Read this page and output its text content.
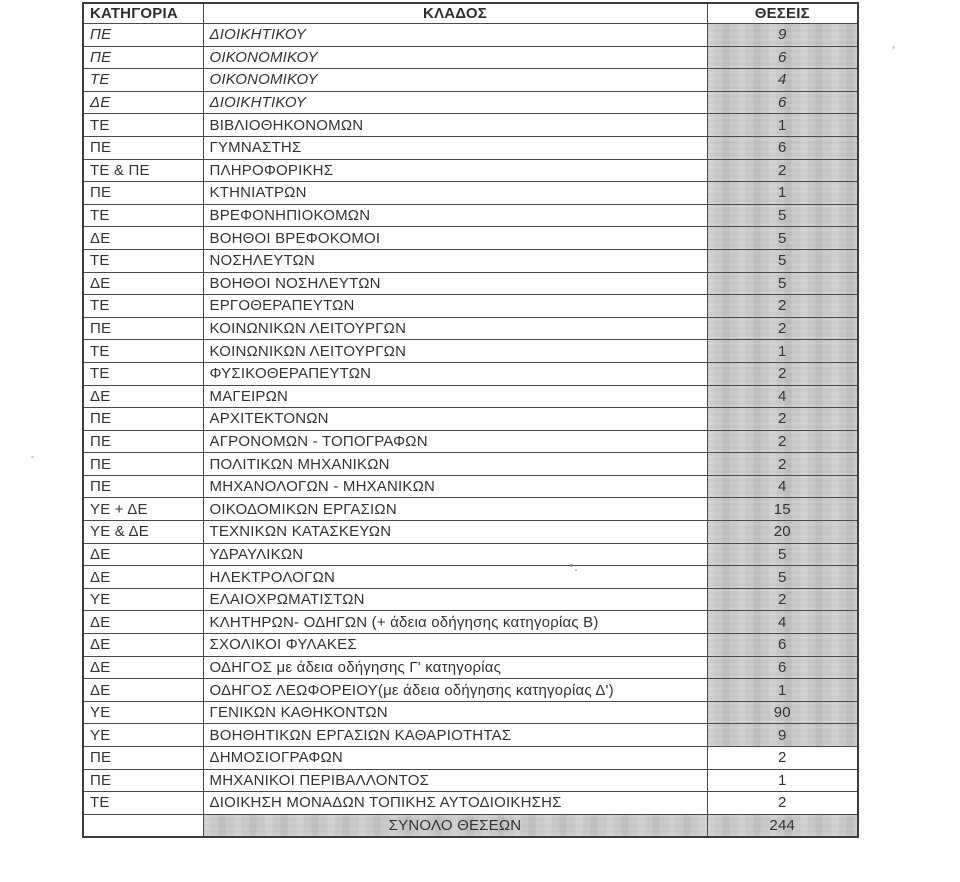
ΚΑΤΗΓΟΡΙΑ	ΚΛΑΔΟΣ	ΘΕΣΕΙΣ
ΠΕ	ΔΙΟΙΚΗΤΙΚΟΥ	9
ΠΕ	ΟΙΚΟΝΟΜΙΚΟΥ	6
ΤΕ	ΟΙΚΟΝΟΜΙΚΟΥ	4
ΔΕ	ΔΙΟΙΚΗΤΙΚΟΥ	6
ΤΕ	ΒΙΒΛΙΟΘΗΚΟΝΟΜΩΝ	1
ΠΕ	ΓΥΜΝΑΣΤΗΣ	6
ΤΕ & ΠΕ	ΠΛΗΡΟΦΟΡΙΚΗΣ	2
ΠΕ	ΚΤΗΝΙΑΤΡΩΝ	1
ΤΕ	ΒΡΕΦΟΝΗΠΙΟΚΟΜΩΝ	5
ΔΕ	ΒΟΗΘΟΙ ΒΡΕΦΟΚΟΜΟΙ	5
ΤΕ	ΝΟΣΗΛΕΥΤΩΝ	5
ΔΕ	ΒΟΗΘΟΙ ΝΟΣΗΛΕΥΤΩΝ	5
ΤΕ	ΕΡΓΟΘΕΡΑΠΕΥΤΩΝ	2
ΠΕ	ΚΟΙΝΩΝΙΚΩΝ ΛΕΙΤΟΥΡΓΩΝ	2
ΤΕ	ΚΟΙΝΩΝΙΚΩΝ ΛΕΙΤΟΥΡΓΩΝ	1
ΤΕ	ΦΥΣΙΚΟΘΕΡΑΠΕΥΤΩΝ	2
ΔΕ	ΜΑΓΕΙΡΩΝ	4
ΠΕ	ΑΡΧΙΤΕΚΤΟΝΩΝ	2
ΠΕ	ΑΓΡΟΝΟΜΩΝ - ΤΟΠΟΓΡΑΦΩΝ	2
ΠΕ	ΠΟΛΙΤΙΚΩΝ ΜΗΧΑΝΙΚΩΝ	2
ΠΕ	ΜΗΧΑΝΟΛΟΓΩΝ - ΜΗΧΑΝΙΚΩΝ	4
ΥΕ + ΔΕ	ΟΙΚΟΔΟΜΙΚΩΝ ΕΡΓΑΣΙΩΝ	15
ΥΕ & ΔΕ	ΤΕΧΝΙΚΩΝ ΚΑΤΑΣΚΕΥΩΝ	20
ΔΕ	ΥΔΡΑΥΛΙΚΩΝ	5
ΔΕ	ΗΛΕΚΤΡΟΛΟΓΩΝ	5
ΥΕ	ΕΛΑΙΟΧΡΩΜΑΤΙΣΤΩΝ	2
ΔΕ	ΚΛΗΤΗΡΩΝ- ΟΔΗΓΩΝ (+ άδεια οδήγησης κατηγορίας Β)	4
ΔΕ	ΣΧΟΛΙΚΟΙ ΦΥΛΑΚΕΣ	6
ΔΕ	ΟΔΗΓΟΣ με άδεια οδήγησης Γ' κατηγορίας	6
ΔΕ	ΟΔΗΓΟΣ ΛΕΩΦΟΡΕΙΟΥ(με άδεια οδήγησης κατηγορίας Δ')	1
ΥΕ	ΓΕΝΙΚΩΝ ΚΑΘΗΚΟΝΤΩΝ	90
ΥΕ	ΒΟΗΘΗΤΙΚΩΝ ΕΡΓΑΣΙΩΝ ΚΑΘΑΡΙΟΤΗΤΑΣ	9
ΠΕ	ΔΗΜΟΣΙΟΓΡΑΦΩΝ	2
ΠΕ	ΜΗΧΑΝΙΚΟΙ ΠΕΡΙΒΑΛΛΟΝΤΟΣ	1
ΤΕ	ΔΙΟΙΚΗΣΗ ΜΟΝΑΔΩΝ ΤΟΠΙΚΗΣ ΑΥΤΟΔΙΟΙΚΗΣΗΣ	2
	ΣΥΝΟΛΟ ΘΕΣΕΩΝ	244
